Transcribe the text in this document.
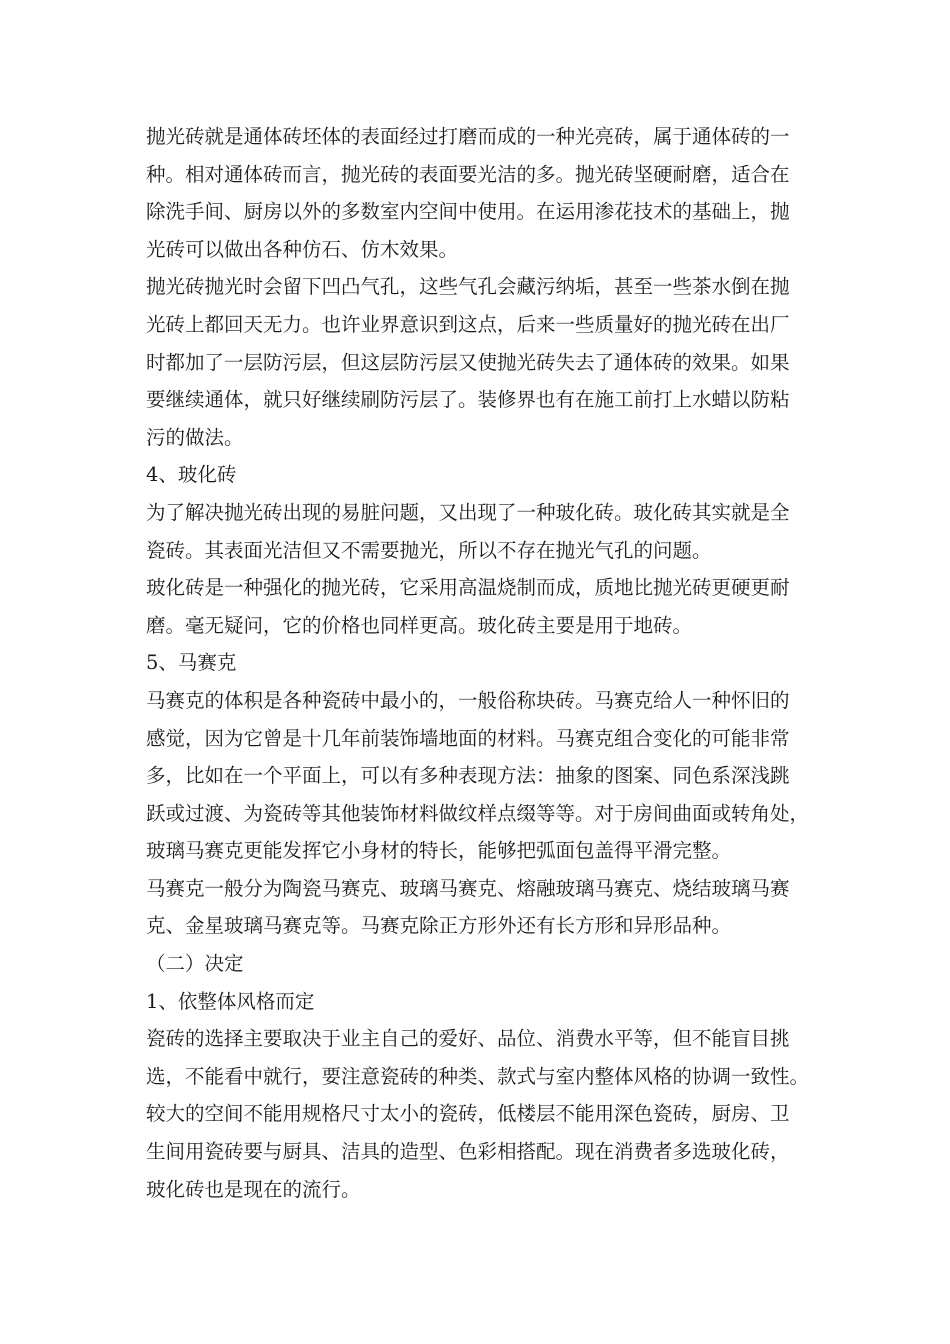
抛光砖就是通体砖坯体的表面经过打磨而成的一种光亮砖，属于通体砖的一
种。相对通体砖而言，抛光砖的表面要光洁的多。抛光砖坚硬耐磨，适合在
除洗手间、厨房以外的多数室内空间中使用。在运用渗花技术的基础上，抛
光砖可以做出各种仿石、仿木效果。
抛光砖抛光时会留下凹凸气孔，这些气孔会藏污纳垢，甚至一些茶水倒在抛
光砖上都回天无力。也许业界意识到这点，后来一些质量好的抛光砖在出厂
时都加了一层防污层，但这层防污层又使抛光砖失去了通体砖的效果。如果
要继续通体，就只好继续刷防污层了。装修界也有在施工前打上水蜡以防粘
污的做法。
4、玻化砖
为了解决抛光砖出现的易脏问题，又出现了一种玻化砖。玻化砖其实就是全
瓷砖。其表面光洁但又不需要抛光，所以不存在抛光气孔的问题。
玻化砖是一种强化的抛光砖，它采用高温烧制而成，质地比抛光砖更硬更耐
磨。毫无疑问，它的价格也同样更高。玻化砖主要是用于地砖。
5、马赛克
马赛克的体积是各种瓷砖中最小的，一般俗称块砖。马赛克给人一种怀旧的
感觉，因为它曾是十几年前装饰墙地面的材料。马赛克组合变化的可能非常
多，比如在一个平面上，可以有多种表现方法：抽象的图案、同色系深浅跳
跃或过渡、为瓷砖等其他装饰材料做纹样点缀等等。对于房间曲面或转角处，
玻璃马赛克更能发挥它小身材的特长，能够把弧面包盖得平滑完整。
马赛克一般分为陶瓷马赛克、玻璃马赛克、熔融玻璃马赛克、烧结玻璃马赛
克、金星玻璃马赛克等。马赛克除正方形外还有长方形和异形品种。
（二）决定
1、依整体风格而定
瓷砖的选择主要取决于业主自己的爱好、品位、消费水平等，但不能盲目挑
选，不能看中就行，要注意瓷砖的种类、款式与室内整体风格的协调一致性。
较大的空间不能用规格尺寸太小的瓷砖，低楼层不能用深色瓷砖，厨房、卫
生间用瓷砖要与厨具、洁具的造型、色彩相搭配。现在消费者多选玻化砖，
玻化砖也是现在的流行。
